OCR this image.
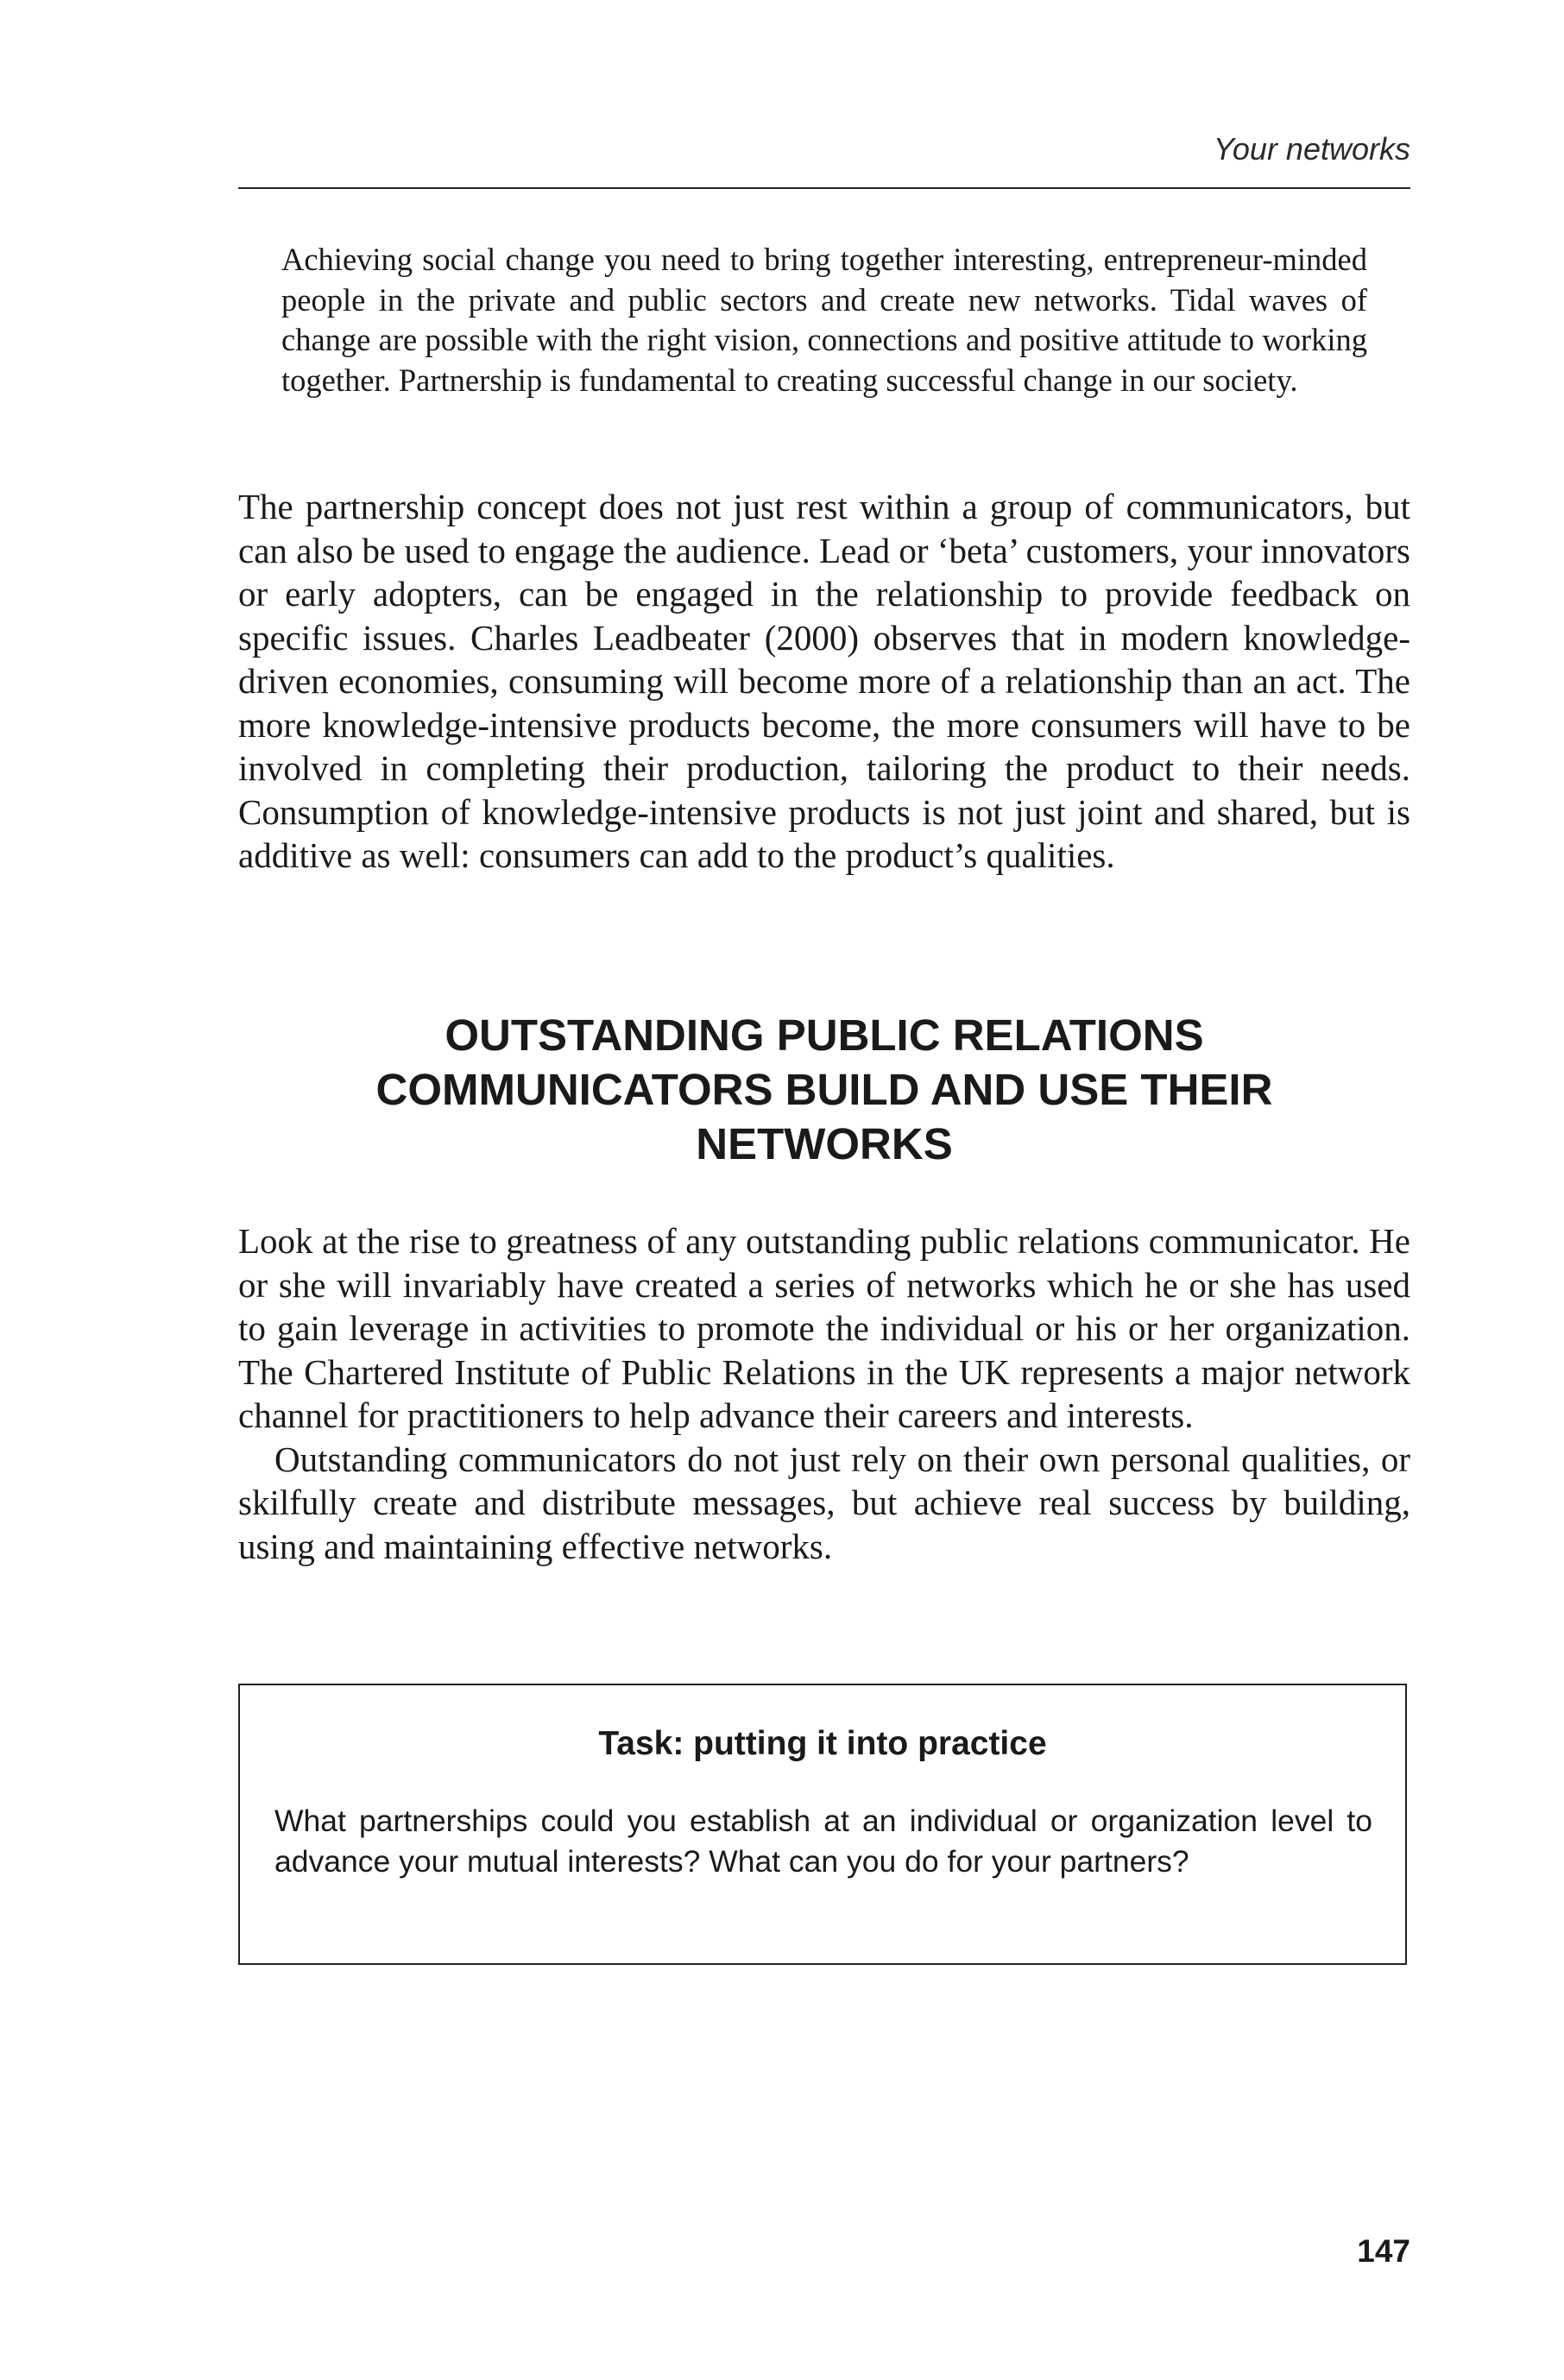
Your networks
Achieving social change you need to bring together interesting, entrepreneur-minded people in the private and public sectors and create new networks. Tidal waves of change are possible with the right vision, connections and positive attitude to working together. Partnership is fundamental to creating successful change in our society.

The partnership concept does not just rest within a group of communicators, but can also be used to engage the audience. Lead or ‘beta’ customers, your innovators or early adopters, can be engaged in the relationship to provide feedback on specific issues. Charles Leadbeater (2000) observes that in modern knowledge-driven economies, consuming will become more of a relationship than an act. The more knowledge-intensive products become, the more consumers will have to be involved in completing their production, tailoring the product to their needs. Consumption of knowledge-intensive products is not just joint and shared, but is additive as well: consumers can add to the product’s qualities.

OUTSTANDING PUBLIC RELATIONS
COMMUNICATORS BUILD AND USE THEIR
NETWORKS

Look at the rise to greatness of any outstanding public relations communicator. He or she will invariably have created a series of networks which he or she has used to gain leverage in activities to promote the individual or his or her organization. The Chartered Institute of Public Relations in the UK represents a major network channel for practitioners to help advance their careers and interests.

Outstanding communicators do not just rely on their own personal qualities, or skilfully create and distribute messages, but achieve real success by building, using and maintaining effective networks.

Task: putting it into practice
What partnerships could you establish at an individual or organization level to advance your mutual interests? What can you do for your partners?
147
